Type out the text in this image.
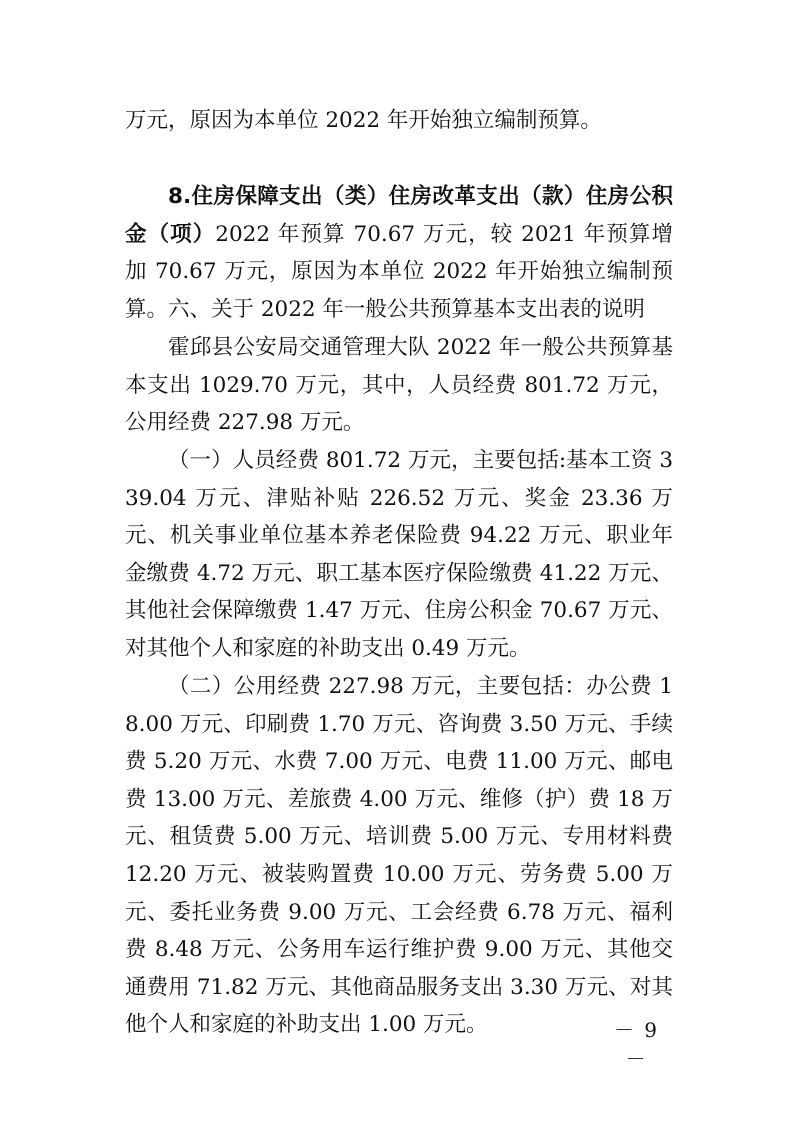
万元，原因为本单位 2022 年开始独立编制预算。

8.住房保障支出（类）住房改革支出（款）住房公积金（项）2022 年预算 70.67 万元，较 2021 年预算增加 70.67 万元，原因为本单位 2022 年开始独立编制预算。 六、关于 2022 年一般公共预算基本支出表的说明

霍邱县公安局交通管理大队 2022 年一般公共预算基本支出 1029.70 万元，其中，人员经费 801.72 万元，公用经费 227.98 万元。

（一）人员经费 801.72 万元，主要包括:基本工资 339.04 万元、津贴补贴 226.52 万元、奖金 23.36 万元、机关事业单位基本养老保险费 94.22 万元、职业年金缴费 4.72 万元、职工基本医疗保险缴费 41.22 万元、其他社会保障缴费 1.47 万元、住房公积金 70.67 万元、对其他个人和家庭的补助支出 0.49 万元。

（二）公用经费 227.98 万元，主要包括：办公费 18.00 万元、印刷费 1.70 万元、咨询费 3.50 万元、手续费 5.20 万元、水费 7.00 万元、电费 11.00 万元、邮电费 13.00 万元、差旅费 4.00 万元、维修（护）费 18 万元、租赁费 5.00 万元、培训费 5.00 万元、专用材料费 12.20 万元、被装购置费 10.00 万元、劳务费 5.00 万元、委托业务费 9.00 万元、工会经费 6.78 万元、福利费 8.48 万元、公务用车运行维护费 9.00 万元、其他交通费用 71.82 万元、其他商品服务支出 3.30 万元、对其他个人和家庭的补助支出 1.00 万元。	－ 9 －
